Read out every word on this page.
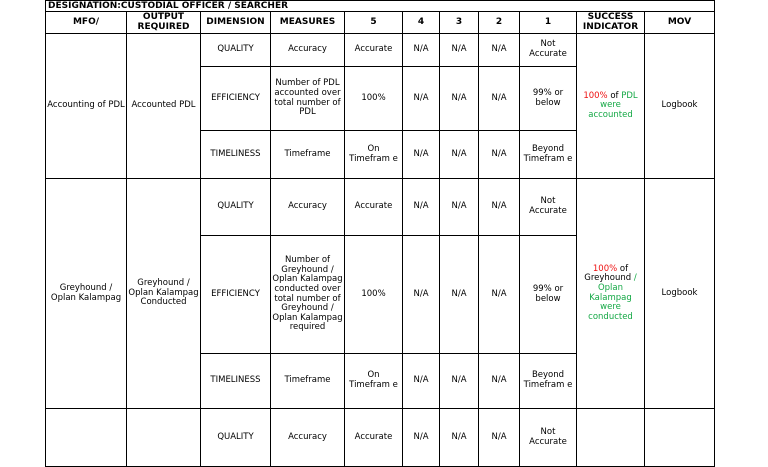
DESIGNATION:CUSTODIAL OFFICER / SEARCHER										
MFO/	OUTPUT REQUIRED	DIMENSION	MEASURES	5	4	3	2	1	SUCCESS INDICATOR	MOV
Accounting of PDL	Accounted PDL	QUALITY	Accuracy	Accurate	N/A	N/A	N/A	Not Accurate	100% of PDL were accounted	Logbook
		EFFICIENCY	Number of PDL accounted over total number of PDL	100%	N/A	N/A	N/A	99% or below		
		TIMELINESS	Timeframe	On Timefram e	N/A	N/A	N/A	Beyond Timefram e		
Greyhound / Oplan Kalampag	Greyhound / Oplan Kalampag Conducted	QUALITY	Accuracy	Accurate	N/A	N/A	N/A	Not Accurate	100% of Greyhound / Oplan Kalampag were conducted	Logbook
		EFFICIENCY	Number of Greyhound / Oplan Kalampag conducted over total number of Greyhound / Oplan Kalampag required	100%	N/A	N/A	N/A	99% or below		
		TIMELINESS	Timeframe	On Timefram e	N/A	N/A	N/A	Beyond Timefram e		
		QUALITY	Accuracy	Accurate	N/A	N/A	N/A	Not Accurate		
